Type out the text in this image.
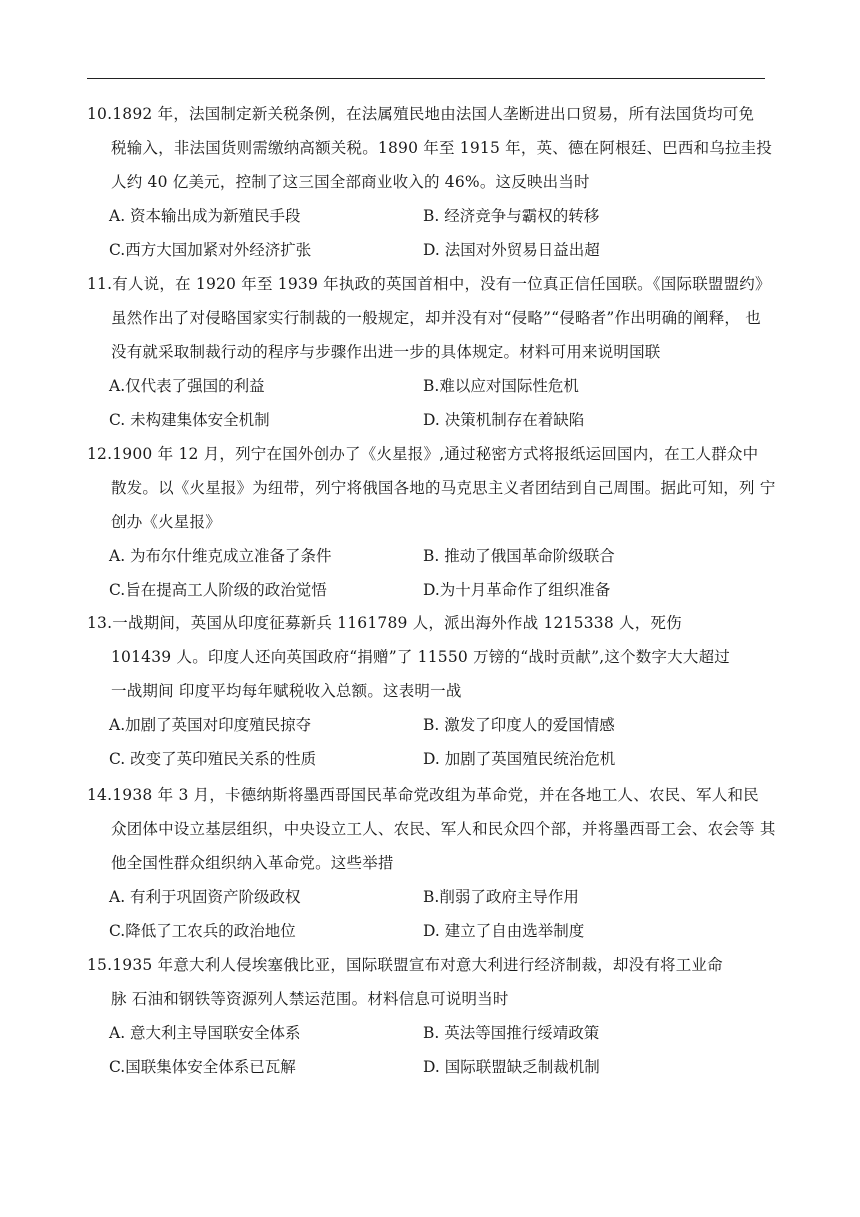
10.1892 年，法国制定新关税条例，在法属殖民地由法国人垄断进出口贸易，所有法国货均可免
税输入，非法国货则需缴纳高额关税。1890 年至 1915 年，英、德在阿根廷、巴西和乌拉圭投
人约 40 亿美元，控制了这三国全部商业收入的 46%。这反映出当时
A. 资本输出成为新殖民手段	B. 经济竞争与霸权的转移
C.西方大国加紧对外经济扩张	D. 法国对外贸易日益出超
11.有人说，在 1920 年至 1939 年执政的英国首相中，没有一位真正信任国联。《国际联盟盟约》
虽然作出了对侵略国家实行制裁的一般规定，却并没有对“侵略”“侵略者”作出明确的阐释， 也
没有就采取制裁行动的程序与步骤作出进一步的具体规定。材料可用来说明国联
A.仅代表了强国的利益	B.难以应对国际性危机
C. 未构建集体安全机制	D. 决策机制存在着缺陷
12.1900 年 12 月，列宁在国外创办了《火星报》,通过秘密方式将报纸运回国内，在工人群众中
散发。以《火星报》为纽带，列宁将俄国各地的马克思主义者团结到自己周围。据此可知，列 宁
创办《火星报》
A. 为布尔什维克成立准备了条件	B. 推动了俄国革命阶级联合
C.旨在提高工人阶级的政治觉悟	D.为十月革命作了组织准备
13.一战期间，英国从印度征募新兵 1161789 人，派出海外作战 1215338 人，死伤
101439 人。印度人还向英国政府“捐赠”了 11550 万镑的“战时贡献”,这个数字大大超过
一战期间 印度平均每年赋税收入总额。这表明一战
A.加剧了英国对印度殖民掠夺	B. 激发了印度人的爱国情感
C. 改变了英印殖民关系的性质	D. 加剧了英国殖民统治危机
14.1938 年 3 月，卡德纳斯将墨西哥国民革命党改组为革命党，并在各地工人、农民、军人和民
众团体中设立基层组织，中央设立工人、农民、军人和民众四个部，并将墨西哥工会、农会等 其
他全国性群众组织纳入革命党。这些举措
A. 有利于巩固资产阶级政权	B.削弱了政府主导作用
C.降低了工农兵的政治地位	D. 建立了自由选举制度
15.1935 年意大利人侵埃塞俄比亚，国际联盟宣布对意大利进行经济制裁，却没有将工业命
脉 石油和钢铁等资源列人禁运范围。材料信息可说明当时
A. 意大利主导国联安全体系	B. 英法等国推行绥靖政策
C.国联集体安全体系已瓦解	D. 国际联盟缺乏制裁机制
